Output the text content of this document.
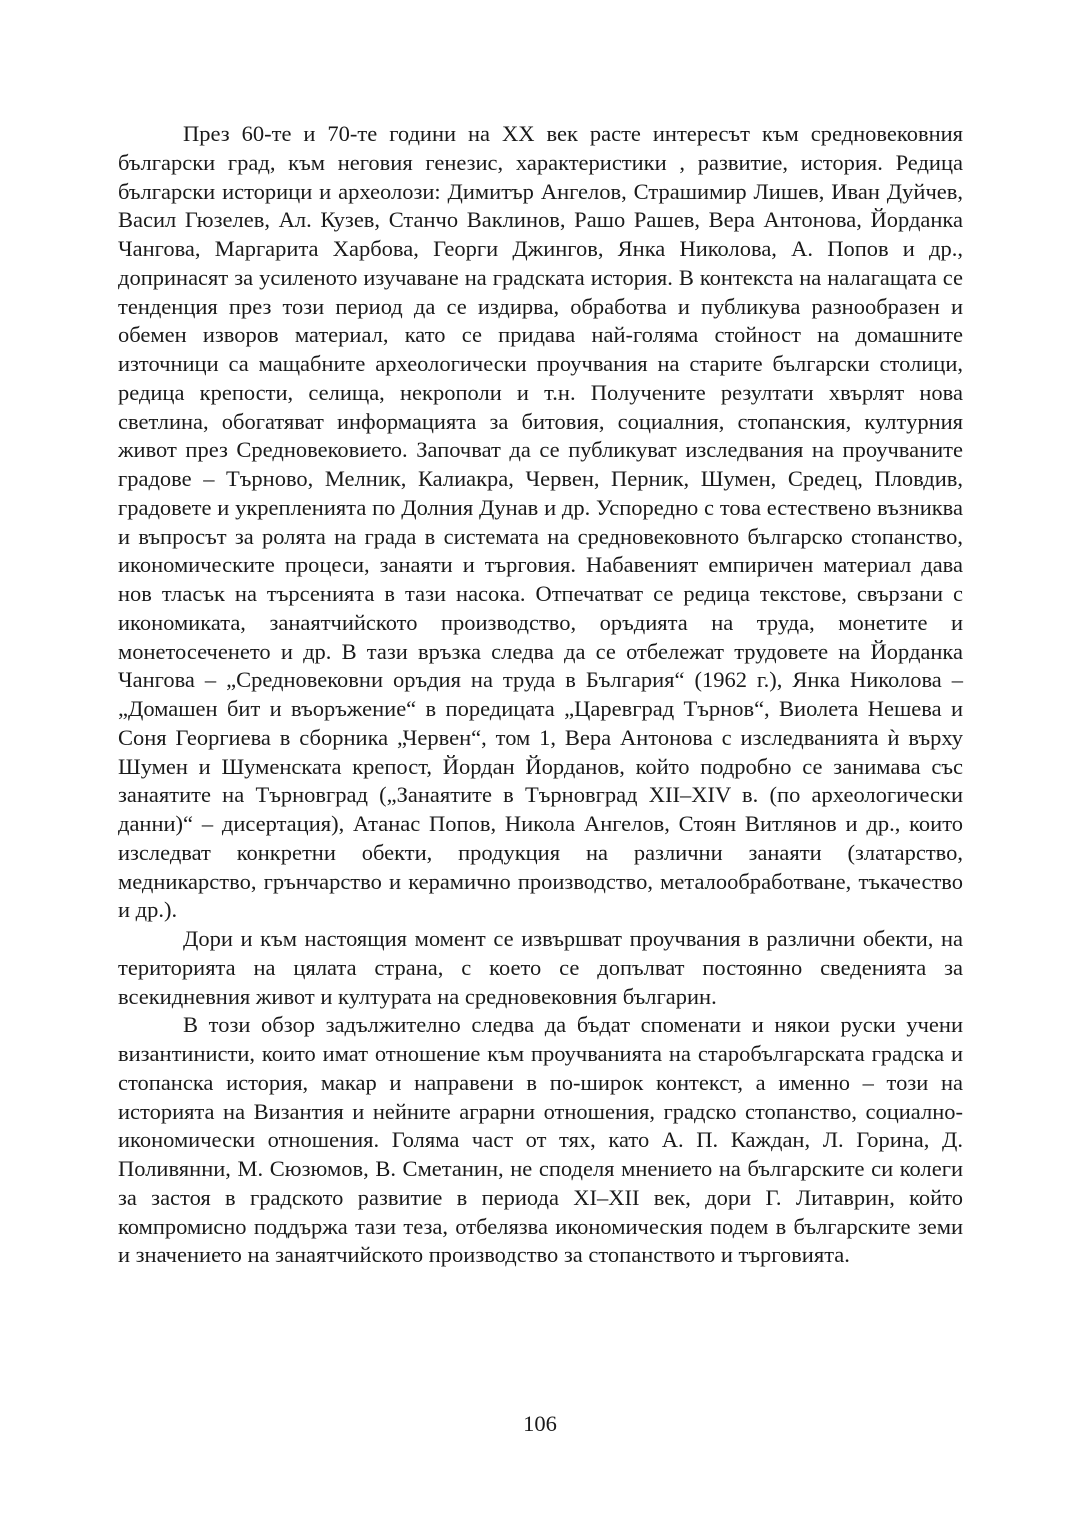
През 60-те и 70-те години на XX век расте интересът към средновековния български град, към неговия генезис, характеристики , развитие, история. Редица български историци и археолози: Димитър Ангелов, Страшимир Лишев, Иван Дуйчев, Васил Гюзелев, Ал. Кузев, Станчо Ваклинов, Рашо Рашев, Вера Антонова, Йорданка Чангова, Маргарита Харбова, Георги Джингов, Янка Николова, А. Попов и др., допринасят за усиленото изучаване на градската история. В контекста на налагащата се тенденция през този период да се издирва, обработва и публикува разнообразен и обемен изворов материал, като се придава най-голяма стойност на домашните източници са мащабните археологически проучвания на старите български столици, редица крепости, селища, некрополи и т.н. Получените резултати хвърлят нова светлина, обогатяват информацията за битовия, социалния, стопанския, културния живот през Средновековието. Започват да се публикуват изследвания на проучваните градове – Търново, Мелник, Калиакра, Червен, Перник, Шумен, Средец, Пловдив, градовете и укрепленията по Долния Дунав и др. Успоредно с това естествено възниква и въпросът за ролята на града в системата на средновековното българско стопанство, икономическите процеси, занаяти и търговия. Набавеният емпиричен материал дава нов тласък на търсенията в тази насока. Отпечатват се редица текстове, свързани с икономиката, занаятчийското производство, оръдията на труда, монетите и монетосеченето и др. В тази връзка следва да се отбележат трудовете на Йорданка Чангова – „Средновековни оръдия на труда в България“ (1962 г.), Янка Николова – „Домашен бит и въоръжение“ в поредицата „Царевград Търнов“, Виолета Нешева и Соня Георгиева в сборника „Червен“, том 1, Вера Антонова с изследванията ѝ върху Шумен и Шуменската крепост, Йордан Йорданов, който подробно се занимава със занаятите на Търновград („Занаятите в Търновград XII–XIV в. (по археологически данни)“ – дисертация), Атанас Попов, Никола Ангелов, Стоян Витлянов и др., които изследват конкретни обекти, продукция на различни занаяти (златарство, медникарство, грънчарство и керамично производство, металообработване, тъкачество и др.).

Дори и към настоящия момент се извършват проучвания в различни обекти, на територията на цялата страна, с което се допълват постоянно сведенията за всекидневния живот и културата на средновековния българин.

В този обзор задължително следва да бъдат споменати и някои руски учени византинисти, които имат отношение към проучванията на старобългарската градска и стопанска история, макар и направени в по-широк контекст, а именно – този на историята на Византия и нейните аграрни отношения, градско стопанство, социално-икономически отношения. Голяма част от тях, като А. П. Каждан, Л. Горина, Д. Поливянни, М. Сюзюмов, В. Сметанин, не споделя мнението на българските си колеги за застоя в градското развитие в периода XI–XII век, дори Г. Литаврин, който компромисно поддържа тази теза, отбелязва икономическия подем в българските земи и значението на занаятчийското производство за стопанството и търговията.

106
